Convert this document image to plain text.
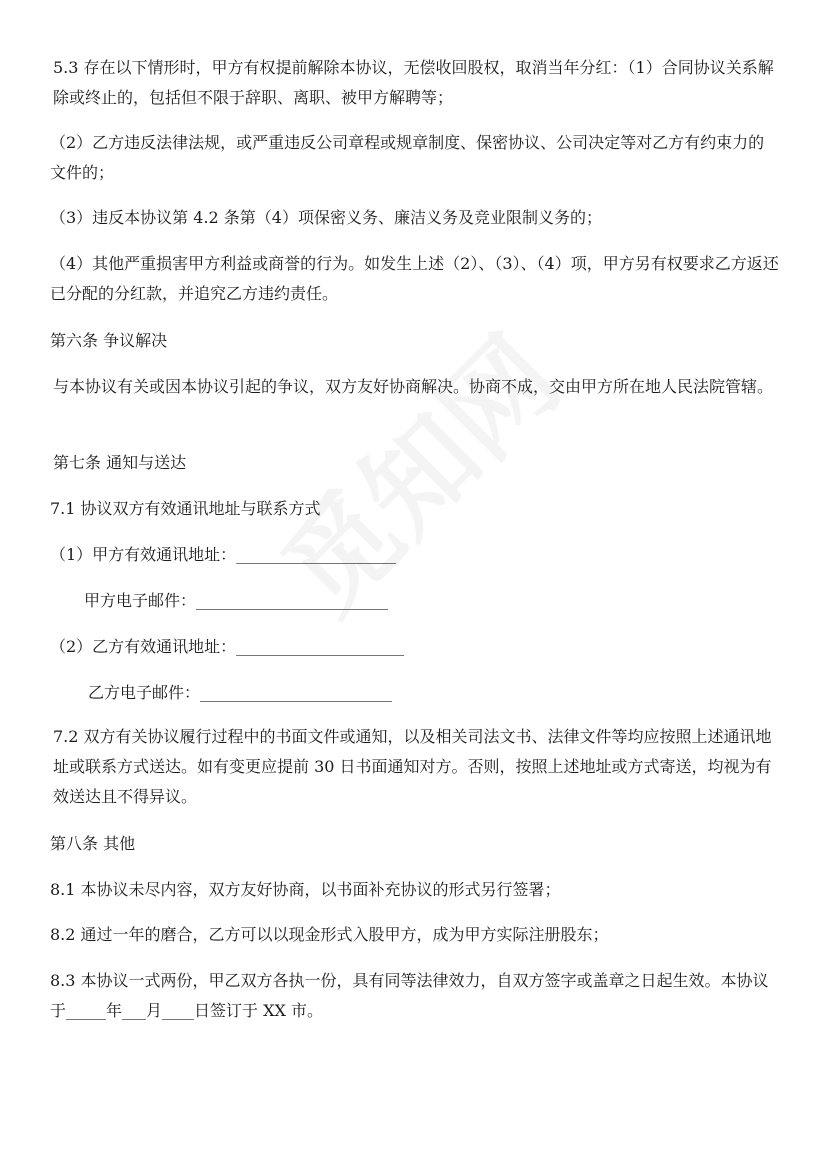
5.3 存在以下情形时，甲方有权提前解除本协议，无偿收回股权，取消当年分红：（1）合同协议关系解除或终止的，包括但不限于辞职、离职、被甲方解聘等；

（2）乙方违反法律法规，或严重违反公司章程或规章制度、保密协议、公司决定等对乙方有约束力的文件的；

（3）违反本协议第 4.2 条第（4）项保密义务、廉洁义务及竞业限制义务的；

（4）其他严重损害甲方利益或商誉的行为。如发生上述（2）、（3）、（4）项，甲方另有权要求乙方返还已分配的分红款，并追究乙方违约责任。

第六条 争议解决

与本协议有关或因本协议引起的争议，双方友好协商解决。协商不成，交由甲方所在地人民法院管辖。

第七条 通知与送达

7.1 协议双方有效通讯地址与联系方式

（1）甲方有效通讯地址：____________________

甲方电子邮件：________________________

（2）乙方有效通讯地址：_____________________

乙方电子邮件：________________________

7.2 双方有关协议履行过程中的书面文件或通知，以及相关司法文书、法律文件等均应按照上述通讯地址或联系方式送达。如有变更应提前 30 日书面通知对方。否则，按照上述地址或方式寄送，均视为有效送达且不得异议。

第八条 其他

8.1 本协议未尽内容，双方友好协商，以书面补充协议的形式另行签署；

8.2 通过一年的磨合，乙方可以以现金形式入股甲方，成为甲方实际注册股东；

8.3 本协议一式两份，甲乙双方各执一份，具有同等法律效力，自双方签字或盖章之日起生效。本协议于_____年___月____日签订于 XX 市。
